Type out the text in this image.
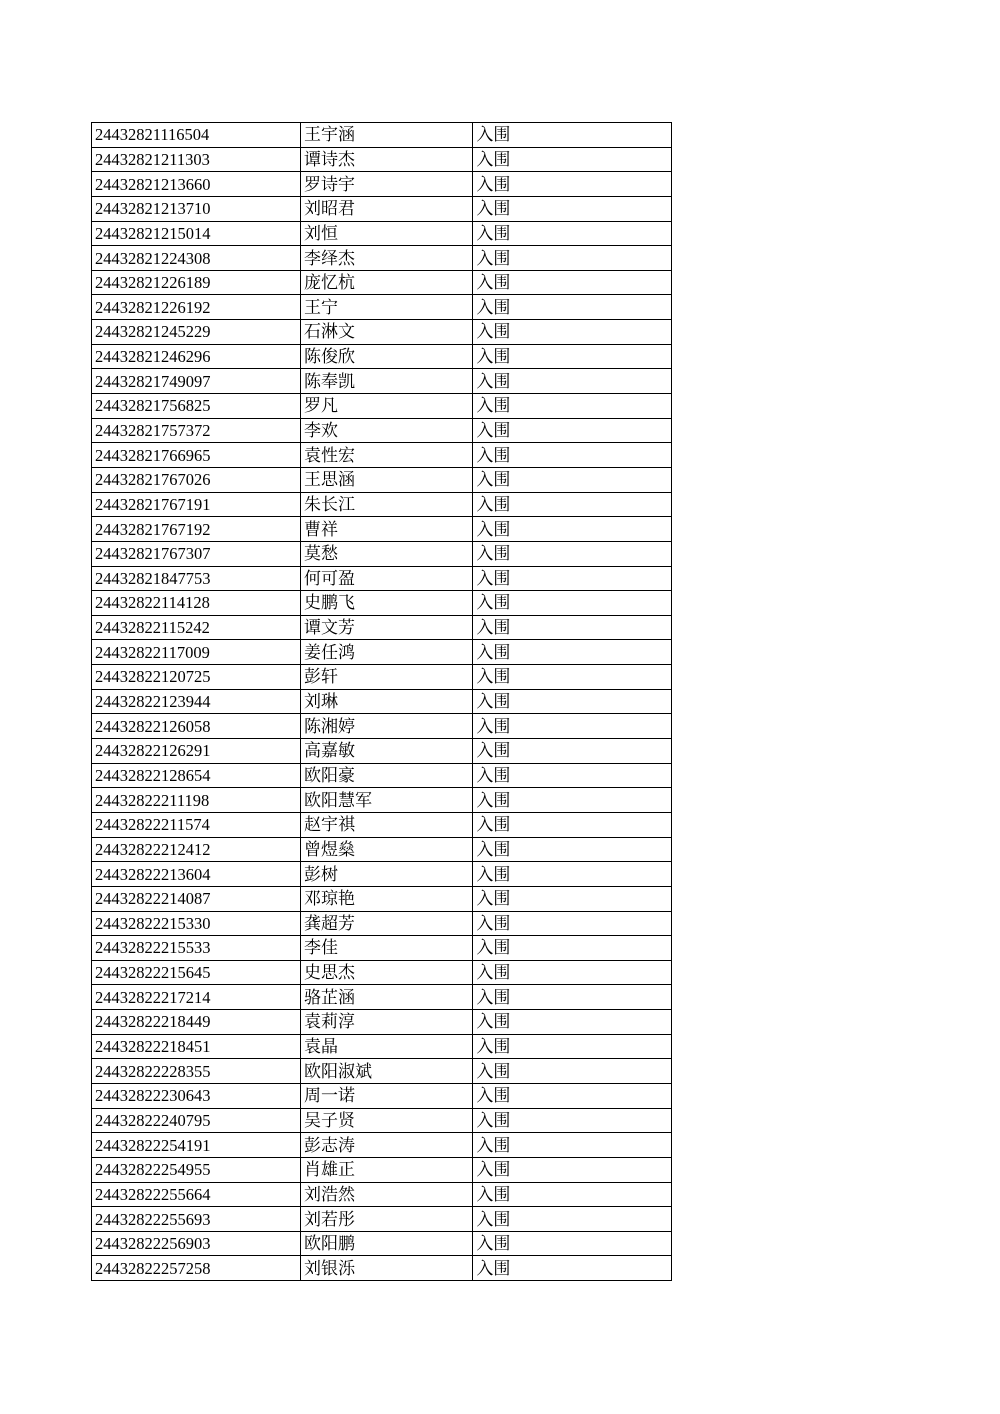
24432821116504	王宇涵	入围
24432821211303	谭诗杰	入围
24432821213660	罗诗宇	入围
24432821213710	刘昭君	入围
24432821215014	刘恒	入围
24432821224308	李绎杰	入围
24432821226189	庞忆杭	入围
24432821226192	王宁	入围
24432821245229	石淋文	入围
24432821246296	陈俊欣	入围
24432821749097	陈奉凯	入围
24432821756825	罗凡	入围
24432821757372	李欢	入围
24432821766965	袁性宏	入围
24432821767026	王思涵	入围
24432821767191	朱长江	入围
24432821767192	曹祥	入围
24432821767307	莫愁	入围
24432821847753	何可盈	入围
24432822114128	史鹏飞	入围
24432822115242	谭文芳	入围
24432822117009	姜任鸿	入围
24432822120725	彭轩	入围
24432822123944	刘琳	入围
24432822126058	陈湘婷	入围
24432822126291	高嘉敏	入围
24432822128654	欧阳豪	入围
24432822211198	欧阳慧军	入围
24432822211574	赵宇祺	入围
24432822212412	曾煜燊	入围
24432822213604	彭树	入围
24432822214087	邓琼艳	入围
24432822215330	龚超芳	入围
24432822215533	李佳	入围
24432822215645	史思杰	入围
24432822217214	骆芷涵	入围
24432822218449	袁莉淳	入围
24432822218451	袁晶	入围
24432822228355	欧阳淑斌	入围
24432822230643	周一诺	入围
24432822240795	吴子贤	入围
24432822254191	彭志涛	入围
24432822254955	肖雄正	入围
24432822255664	刘浩然	入围
24432822255693	刘若彤	入围
24432822256903	欧阳鹏	入围
24432822257258	刘银泺	入围
